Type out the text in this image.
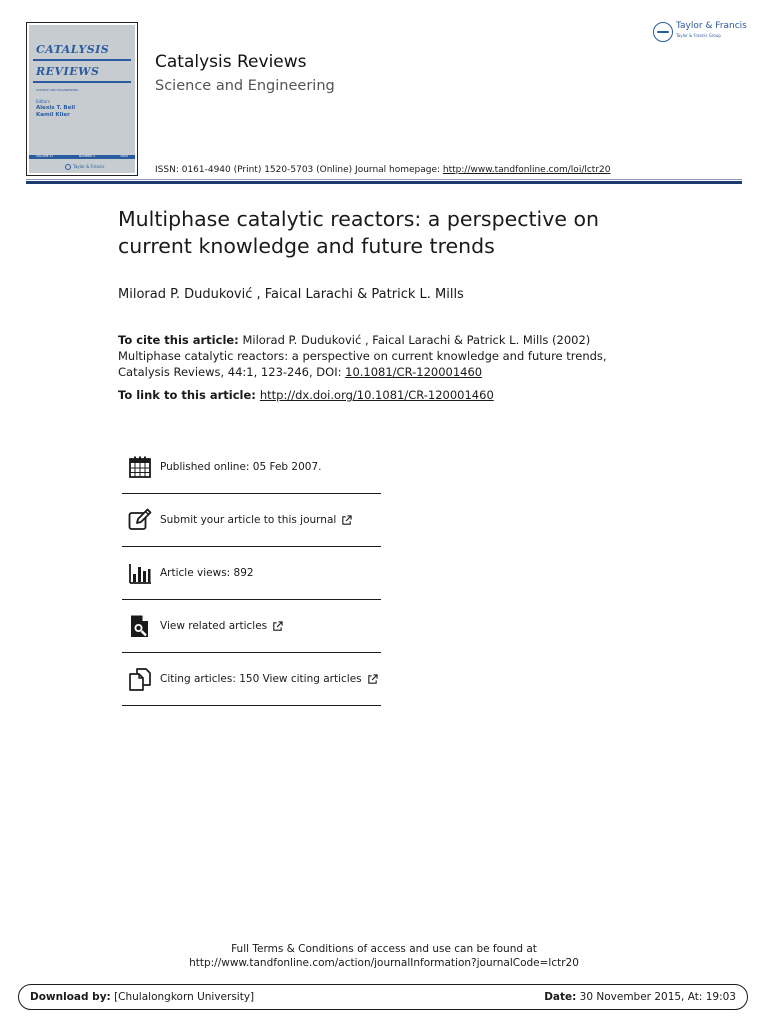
CATALYSIS
REVIEWS
SCIENCE AND ENGINEERING
Editors
Alexis T. Bell
Kamil Klier
VOLUME 47	NUMBER 4	2005
Taylor & Francis
Catalysis Reviews
Science and Engineering
ISSN: 0161-4940 (Print) 1520-5703 (Online) Journal homepage: http://www.tandfonline.com/loi/lctr20
Taylor & Francis
Taylor & Francis Group
Multiphase catalytic reactors: a perspective on current knowledge and future trends
Milorad P. Duduković , Faical Larachi & Patrick L. Mills
To cite this article: Milorad P. Duduković , Faical Larachi & Patrick L. Mills (2002) Multiphase catalytic reactors: a perspective on current knowledge and future trends, Catalysis Reviews, 44:1, 123-246, DOI: 10.1081/CR-120001460
To link to this article: http://dx.doi.org/10.1081/CR-120001460
Published online: 05 Feb 2007.
Submit your article to this journal
Article views: 892
View related articles
Citing articles: 150 View citing articles
Full Terms & Conditions of access and use can be found at
http://www.tandfonline.com/action/journalInformation?journalCode=lctr20
Download by: [Chulalongkorn University]	Date: 30 November 2015, At: 19:03
